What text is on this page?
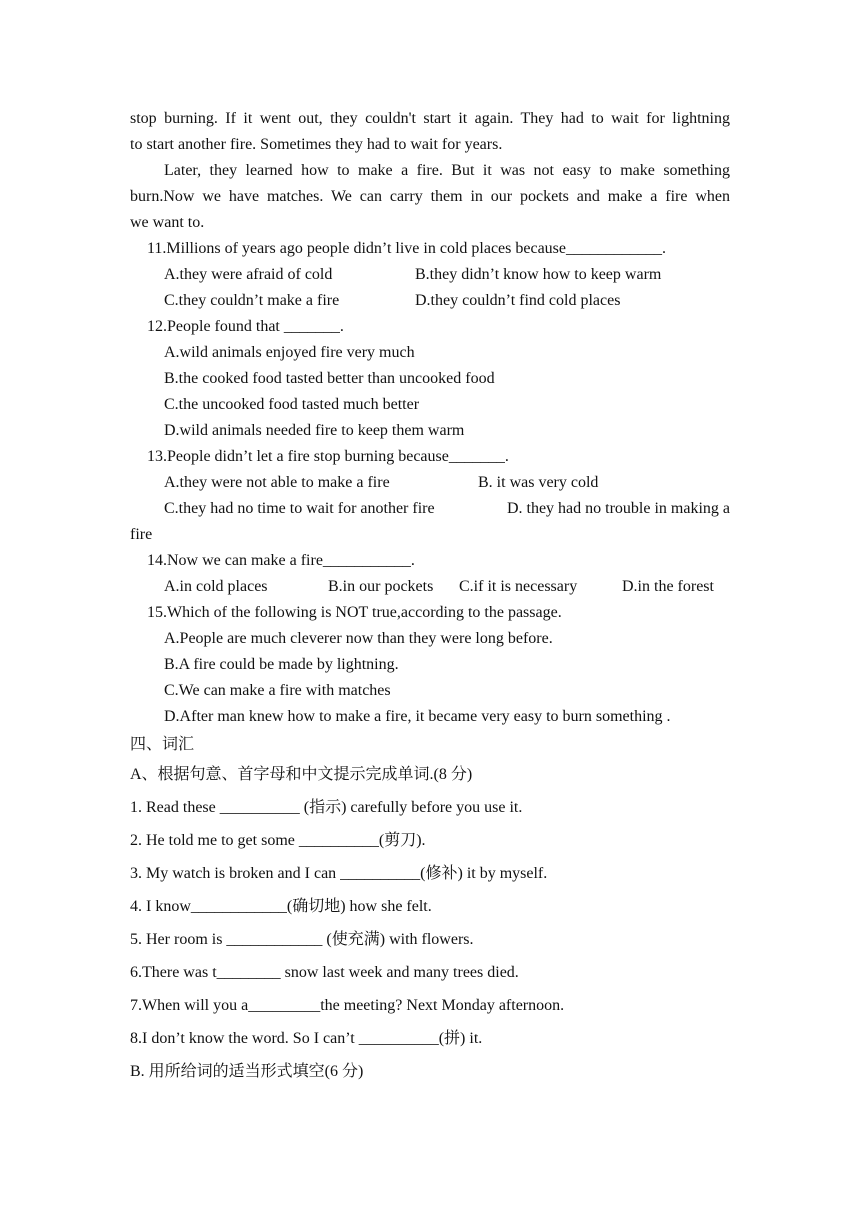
stop burning. If it went out, they couldn't start it again. They had to wait for lightning
to start another fire. Sometimes they had to wait for years.
Later, they learned how to make a fire. But it was not easy to make something
burn.Now we have matches. We can carry them in our pockets and make a fire when
we want to.
11.Millions of years ago people didn’t live in cold places because____________.
A.they were afraid of cold	B.they didn’t know how to keep warm
C.they couldn’t make a fire	D.they couldn’t find cold places
12.People found that _______.
A.wild animals enjoyed fire very much
B.the cooked food tasted better than uncooked food
C.the uncooked food tasted much better
D.wild animals needed fire to keep them warm
13.People didn’t let a fire stop burning because_______.
A.they were not able to make a fire	B. it was very cold
C.they had no time to wait for another fire	D. they had no trouble in making a
fire
14.Now we can make a fire___________.
A.in cold places	B.in our pockets	C.if it is necessary	D.in the forest
15.Which of the following is NOT true,according to the passage.
A.People are much cleverer now than they were long before.
B.A fire could be made by lightning.
C.We can make a fire with matches
D.After man knew how to make a fire, it became very easy to burn something .
四、词汇
A、根据句意、首字母和中文提示完成单词.(8 分)
1. Read these __________ (指示) carefully before you use it.
2. He told me to get some __________(剪刀).
3. My watch is broken and I can __________(修补) it by myself.
4. I know____________(确切地) how she felt.
5. Her room is ____________ (使充满) with flowers.
6.There was t________ snow last week and many trees died.
7.When will you a_________the meeting? Next Monday afternoon.
8.I don’t know the word. So I can’t __________(拼) it.
B. 用所给词的适当形式填空(6 分)
